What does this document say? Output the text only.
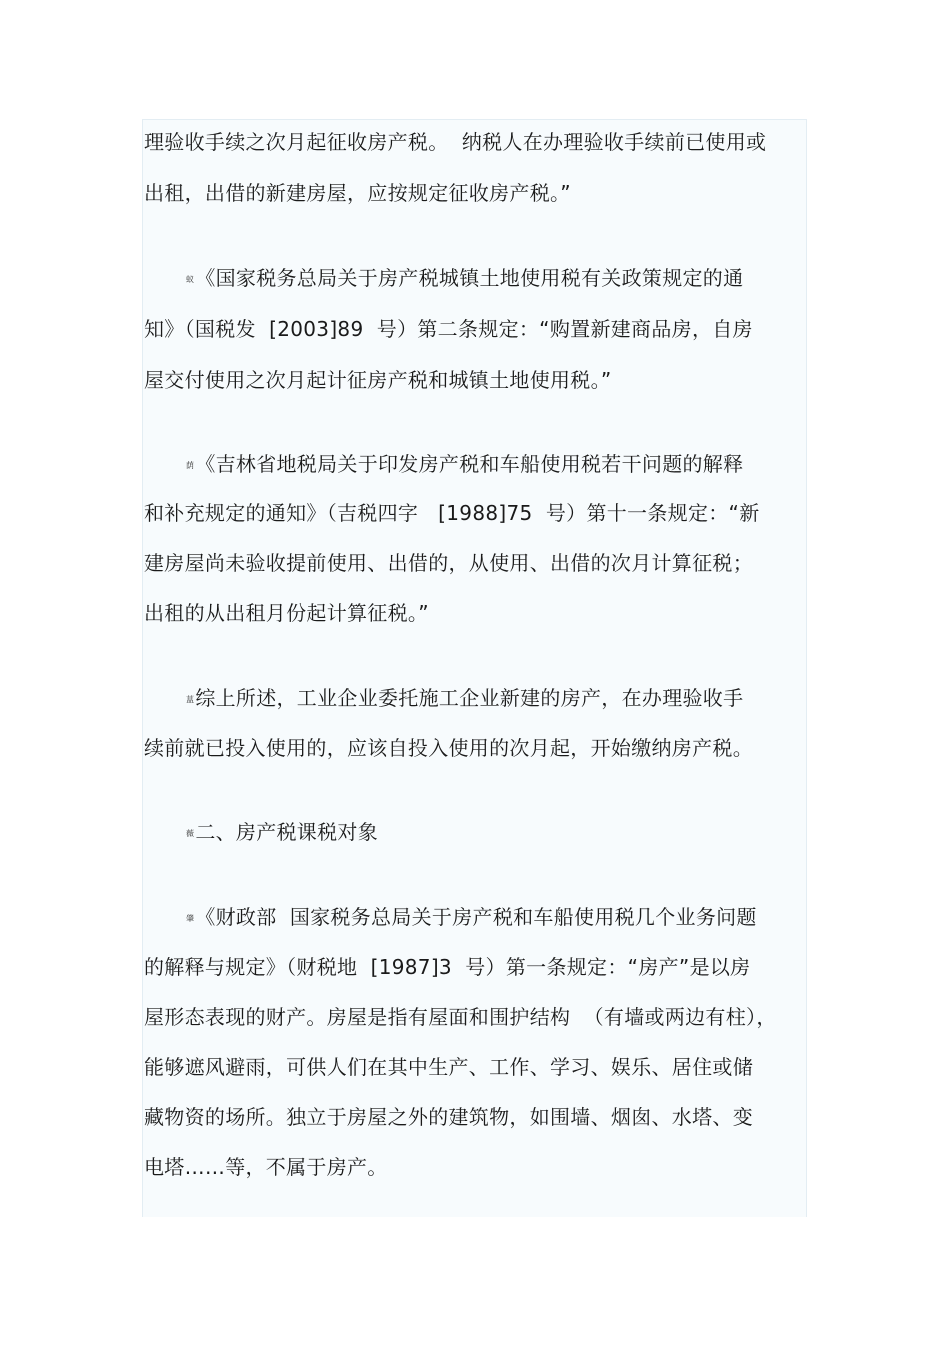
理验收手续之次月起征收房产税。  纳税人在办理验收手续前已使用或
出租，出借的新建房屋，应按规定征收房产税。”
蚁《国家税务总局关于房产税城镇土地使用税有关政策规定的通
知》（国税发  [2003]89  号）第二条规定：“购置新建商品房，自房
屋交付使用之次月起计征房产税和城镇土地使用税。”
荫《吉林省地税局关于印发房产税和车船使用税若干问题的解释
和补充规定的通知》（吉税四字   [1988]75  号）第十一条规定：“新
建房屋尚未验收提前使用、出借的，从使用、出借的次月计算征税；
出租的从出租月份起计算征税。”
蒀综上所述，工业企业委托施工企业新建的房产，在办理验收手
续前就已投入使用的，应该自投入使用的次月起，开始缴纳房产税。
薇二、房产税课税对象
肇《财政部  国家税务总局关于房产税和车船使用税几个业务问题
的解释与规定》（财税地  [1987]3  号）第一条规定：“房产”是以房
屋形态表现的财产。房屋是指有屋面和围护结构  （有墙或两边有柱），
能够遮风避雨，可供人们在其中生产、工作、学习、娱乐、居住或储
藏物资的场所。独立于房屋之外的建筑物，如围墙、烟囱、水塔、变
电塔……等，不属于房产。
